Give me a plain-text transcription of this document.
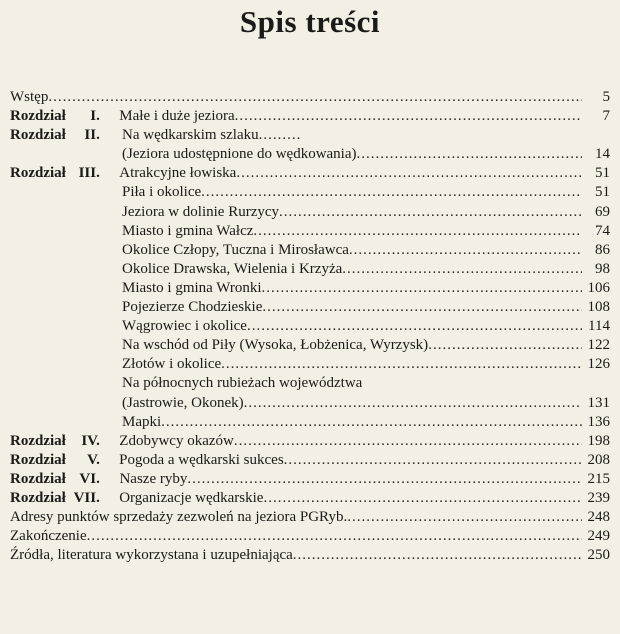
Spis treści
Wstęp .....	5
Rozdział I.	Małe i duże jeziora .....	7
Rozdział II.	Na wędkarskim szlaku
.....
(Jeziora udostępnione do wędkowania) .....	14
Rozdział III.	Atrakcyjne łowiska .....	51
Piła i okolice .....	51
Jeziora w dolinie Rurzycy .....	69
Miasto i gmina Wałcz .....	74
Okolice Człopy, Tuczna i Mirosławca .....	86
Okolice Drawska, Wielenia i Krzyża .....	98
Miasto i gmina Wronki .....	106
Pojezierze Chodzieskie .....	108
Wągrowiec i okolice .....	114
Na wschód od Piły (Wysoka, Łobżenica, Wyrzysk) .....	122
Złotów i okolice .....	126
Na północnych rubieżach województwa
(Jastrowie, Okonek) .....	131
Mapki .....	136
Rozdział IV.	Zdobywcy okazów .....	198
Rozdział V.	Pogoda a wędkarski sukces .....	208
Rozdział VI.	Nasze ryby .....	215
Rozdział VII.	Organizacje wędkarskie .....	239
Adresy punktów sprzedaży zezwoleń na jeziora PGRyb. .....	248
Zakończenie .....	249
Źródła, literatura wykorzystana i uzupełniająca .....	250
